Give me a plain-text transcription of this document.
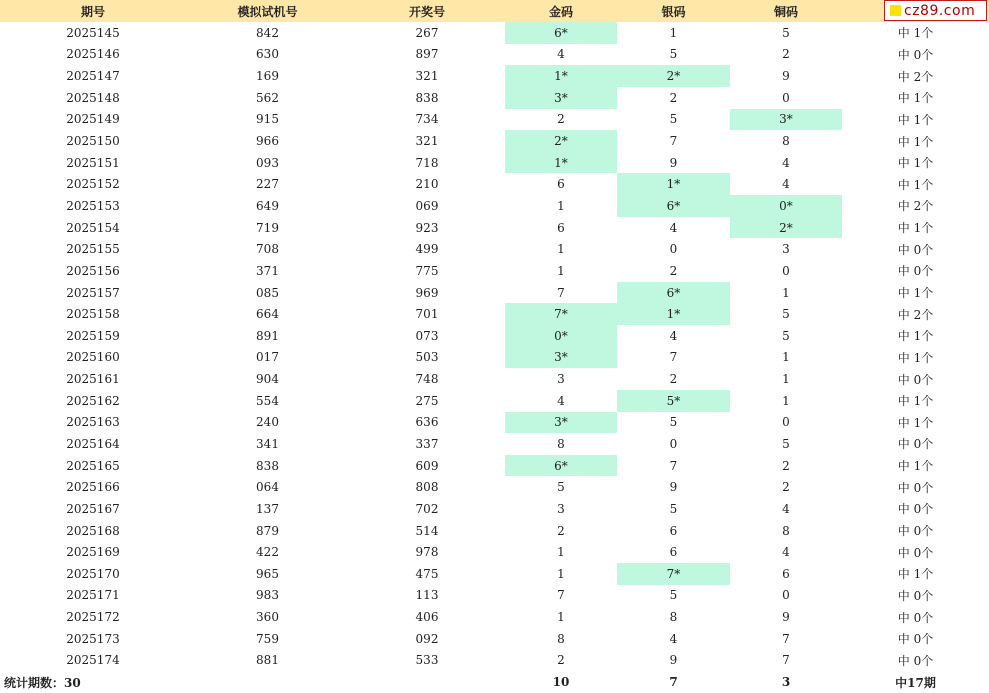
期号	模拟试机号	开奖号	金码	银码	铜码	
2025145	842	267	6*	1	5	中 1个
2025146	630	897	4	5	2	中 0个
2025147	169	321	1*	2*	9	中 2个
2025148	562	838	3*	2	0	中 1个
2025149	915	734	2	5	3*	中 1个
2025150	966	321	2*	7	8	中 1个
2025151	093	718	1*	9	4	中 1个
2025152	227	210	6	1*	4	中 1个
2025153	649	069	1	6*	0*	中 2个
2025154	719	923	6	4	2*	中 1个
2025155	708	499	1	0	3	中 0个
2025156	371	775	1	2	0	中 0个
2025157	085	969	7	6*	1	中 1个
2025158	664	701	7*	1*	5	中 2个
2025159	891	073	0*	4	5	中 1个
2025160	017	503	3*	7	1	中 1个
2025161	904	748	3	2	1	中 0个
2025162	554	275	4	5*	1	中 1个
2025163	240	636	3*	5	0	中 1个
2025164	341	337	8	0	5	中 0个
2025165	838	609	6*	7	2	中 1个
2025166	064	808	5	9	2	中 0个
2025167	137	702	3	5	4	中 0个
2025168	879	514	2	6	8	中 0个
2025169	422	978	1	6	4	中 0个
2025170	965	475	1	7*	6	中 1个
2025171	983	113	7	5	0	中 0个
2025172	360	406	1	8	9	中 0个
2025173	759	092	8	4	7	中 0个
2025174	881	533	2	9	7	中 0个
统计期数：30			10	7	3	中17期
cz89.com
